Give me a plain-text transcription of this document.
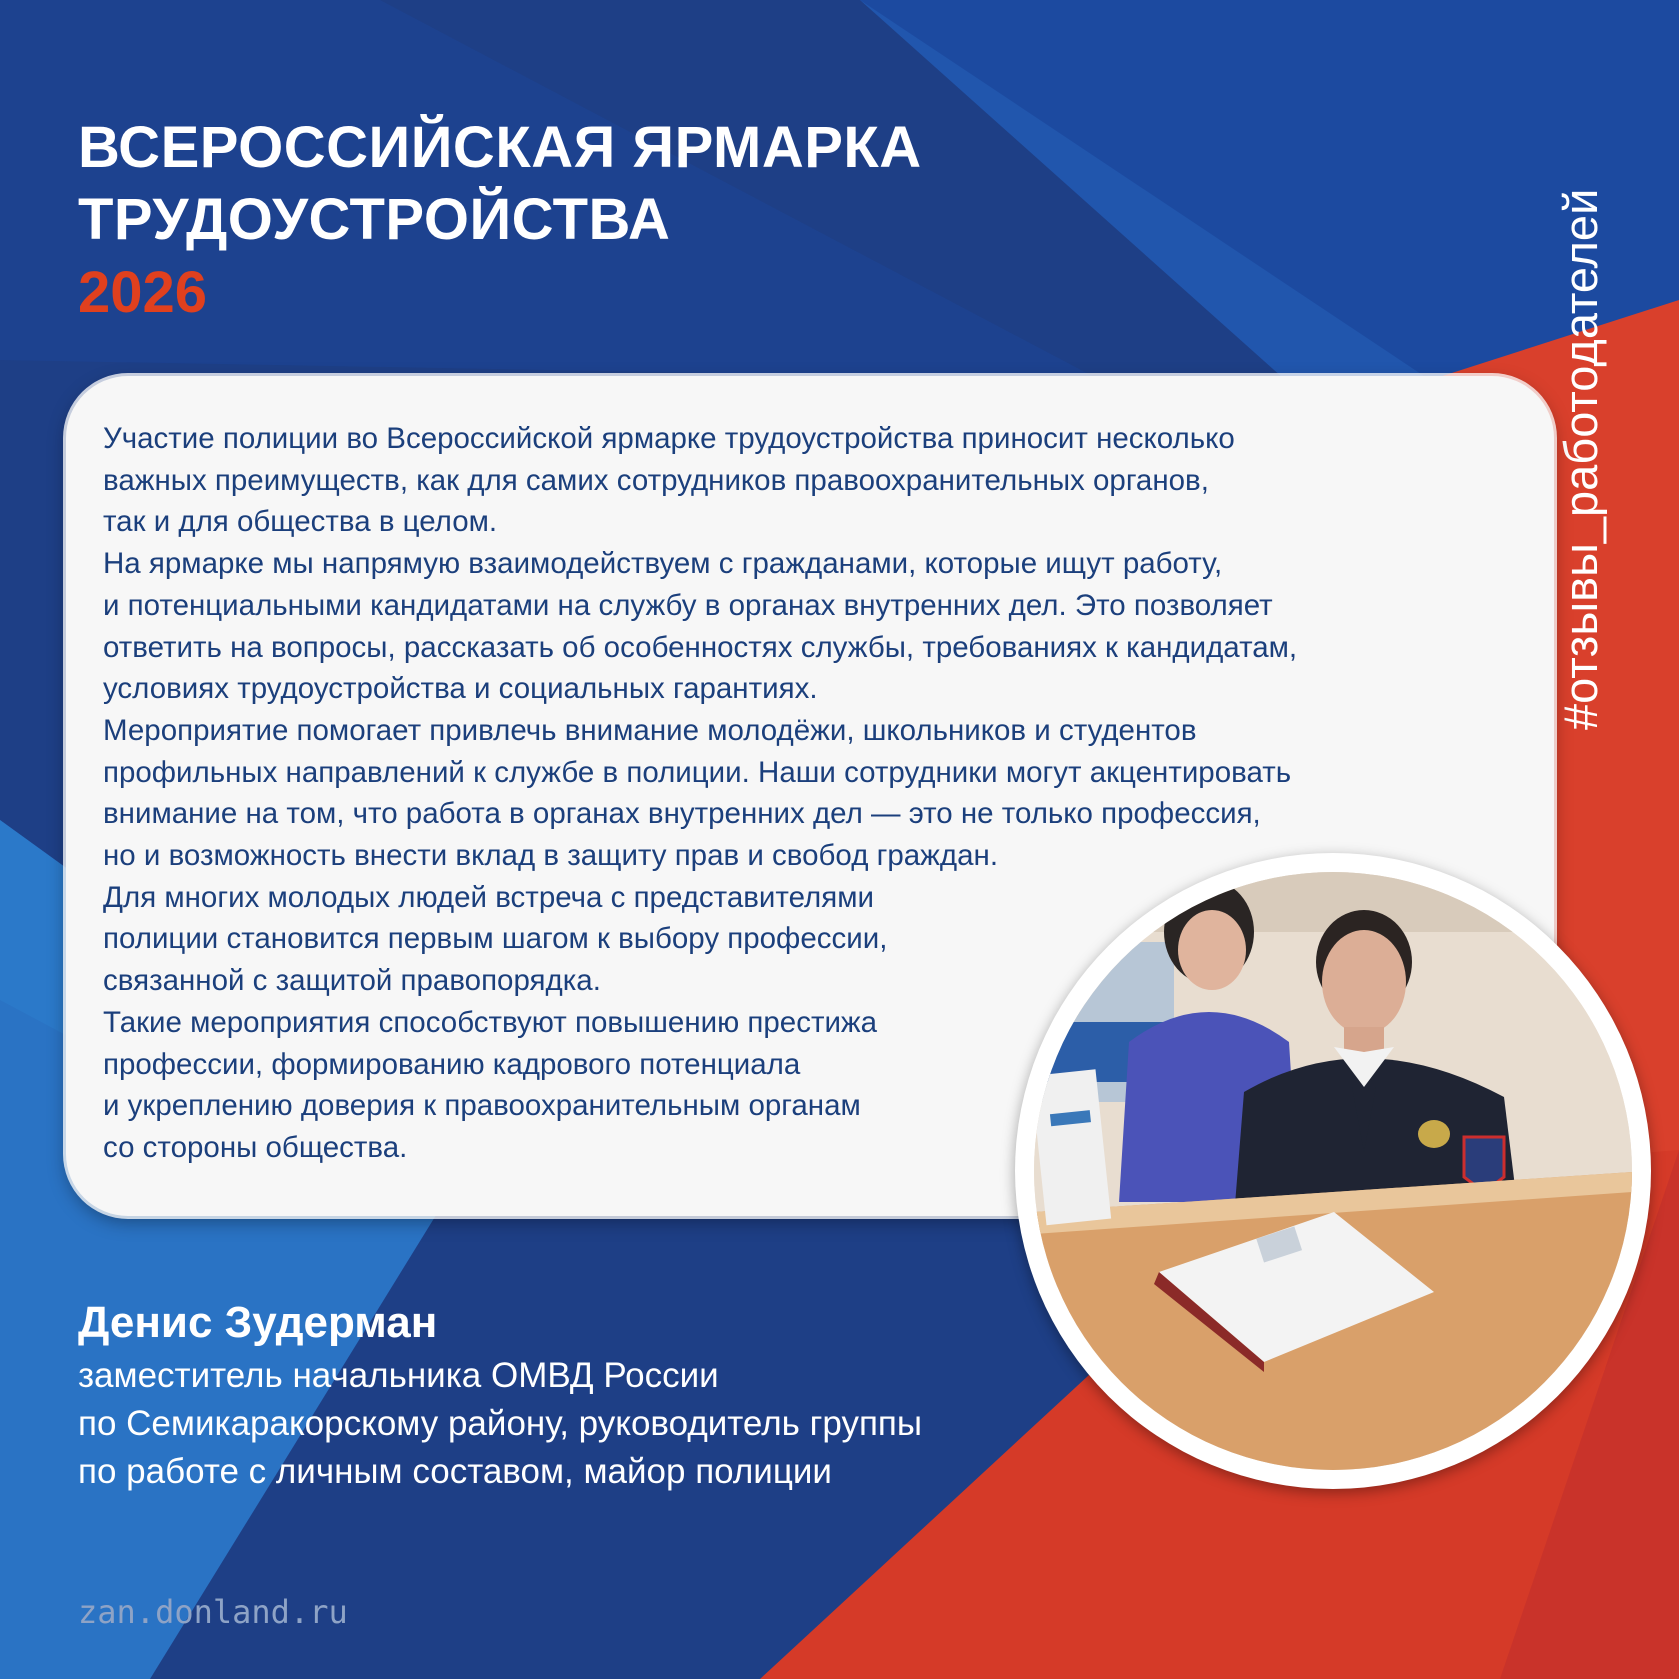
ВСЕРОССИЙСКАЯ ЯРМАРКА
ТРУДОУСТРОЙСТВА
2026	#отзывы_работодателей
Участие полиции во Всероссийской ярмарке трудоустройства приносит несколько
важных преимуществ, как для самих сотрудников правоохранительных органов,
так и для общества в целом.
На ярмарке мы напрямую взаимодействуем с гражданами, которые ищут работу,
и потенциальными кандидатами на службу в органах внутренних дел. Это позволяет
ответить на вопросы, рассказать об особенностях службы, требованиях к кандидатам,
условиях трудоустройства и социальных гарантиях.
Мероприятие помогает привлечь внимание молодёжи, школьников и студентов
профильных направлений к службе в полиции. Наши сотрудники могут акцентировать
внимание на том, что работа в органах внутренних дел — это не только профессия,
но и возможность внести вклад в защиту прав и свобод граждан.
Для многих молодых людей встреча с представителями
полиции становится первым шагом к выбору профессии,
связанной с защитой правопорядка.
Такие мероприятия способствуют повышению престижа
профессии, формированию кадрового потенциала
и укреплению доверия к правоохранительным органам
со стороны общества.
Денис Зудерман
заместитель начальника ОМВД России
по Семикаракорскому району, руководитель группы
по работе с личным составом, майор полиции
zan.donland.ru
